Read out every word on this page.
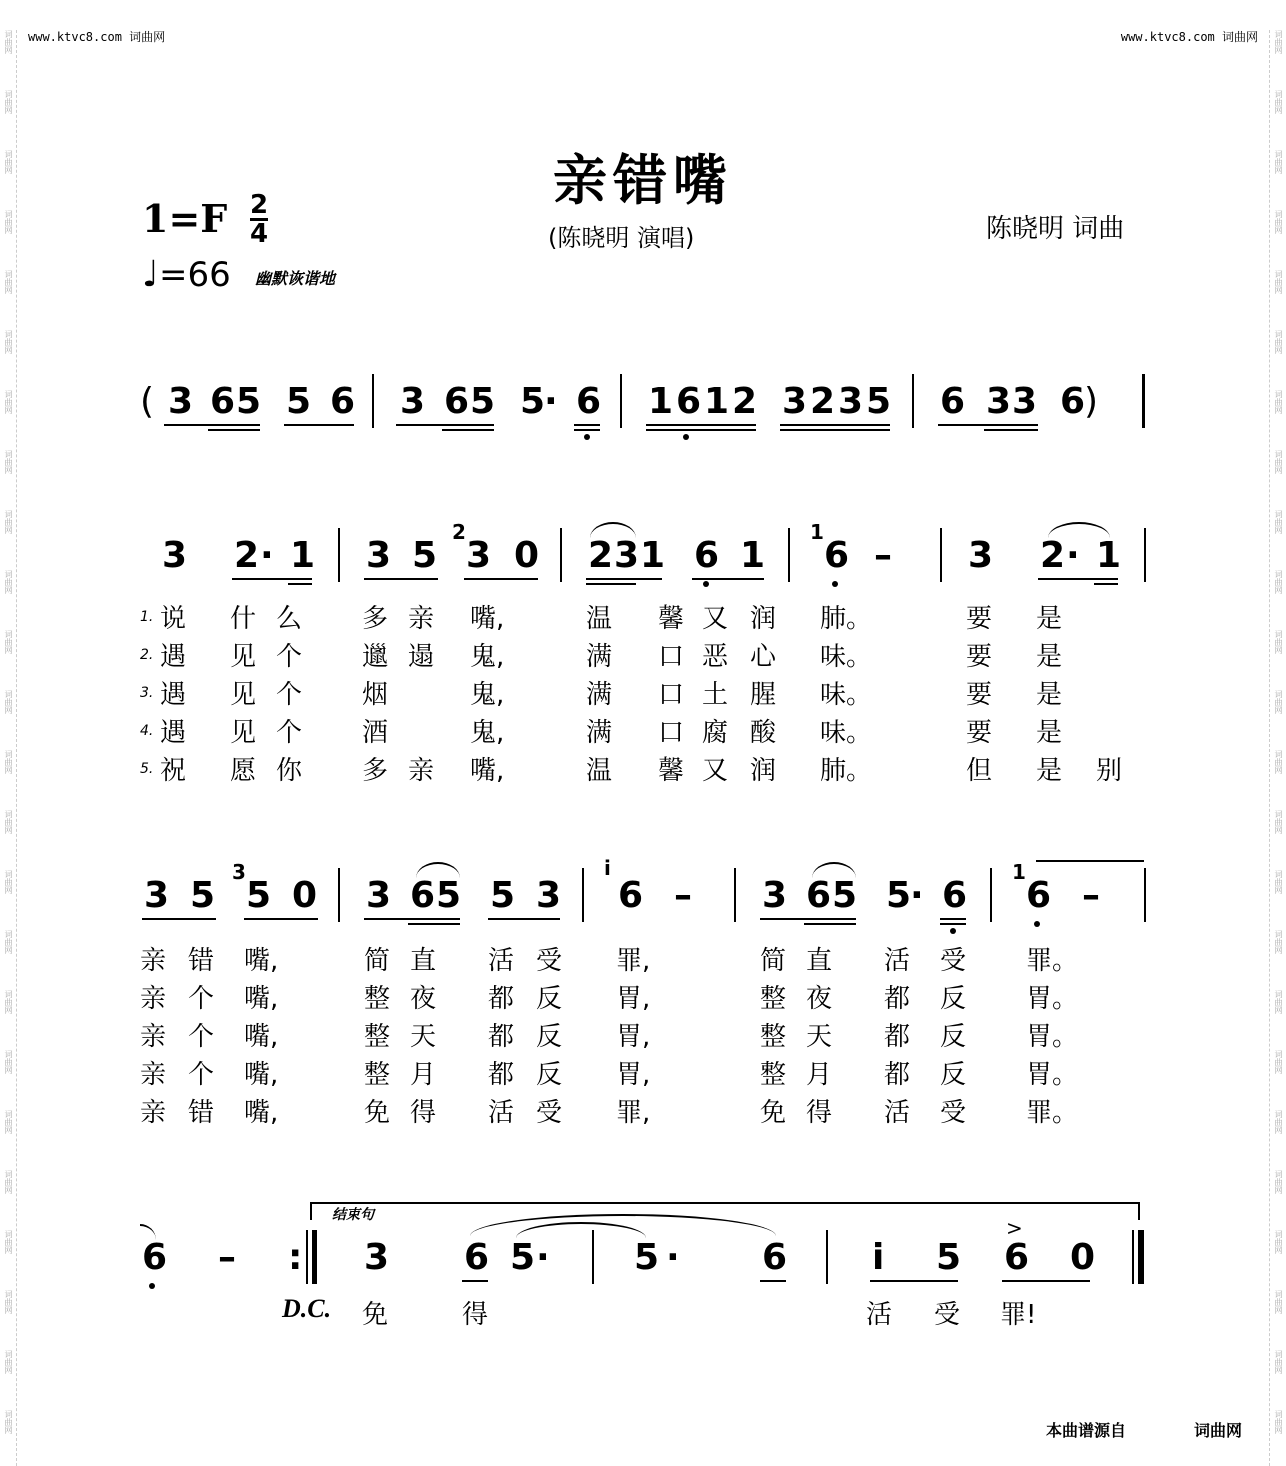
www.ktvc8.com 词曲网	www.ktvc8.com 词曲网
词曲网
词曲网
词曲网
词曲网
词曲网
词曲网
词曲网
词曲网
词曲网
词曲网
词曲网
词曲网
词曲网
词曲网
词曲网
词曲网
词曲网
词曲网
词曲网
词曲网
词曲网
词曲网
词曲网
词曲网
词曲网
词曲网
词曲网
词曲网
词曲网
词曲网
词曲网
词曲网
词曲网
词曲网
词曲网
词曲网
词曲网
词曲网
词曲网
词曲网
词曲网
词曲网
词曲网
词曲网
词曲网
词曲网
词曲网
词曲网
亲错嘴
1=F 2
4
♩=66 幽默诙谐地
(陈晓明 演唱)	陈晓明 词曲
( 3 6 5 5 6 3 6 5 5
· 6 1 6 1 2 3 2 3 5 6 3 3 6
)
3 2 · 1 3 5
2
3 0 2 3 1 6 1
1
6 – 3 2 · 1
1. 说 什 么 多 亲 嘴,	温 馨 又 润 肺。	要 是
2. 遇 见 个 邋 遢 鬼,	满 口 恶 心 味。	要 是
3. 遇 见 个 烟	鬼,	满 口 土 腥 味。	要 是
4. 遇 见 个 酒	鬼,	满 口 腐 酸 味。	要 是
5. 祝 愿 你 多 亲 嘴,	温 馨 又 润 肺。	但 是 别
3 5
3
5 0 3 6 5 5 3
i
6 – 3 6 5 5
· 6
1
6 –
亲 错 嘴,	简 直 活 受 罪,	简 直 活 受 罪。
亲 个 嘴,	整 夜 都 反 胃,	整 夜 都 反 胃。
亲 个 嘴,	整 天 都 反 胃,	整 天 都 反 胃。
亲 个 嘴,	整 月 都 反 胃,	整 月 都 反 胃。
亲 错 嘴,	免 得 活 受 罪,	免 得 活 受 罪。
结束句
6 – : 3 6 5 · 5 · 6 i 5
>
6 0
D.C. 免	得	活 受 罪!
本曲谱源自	词曲网
